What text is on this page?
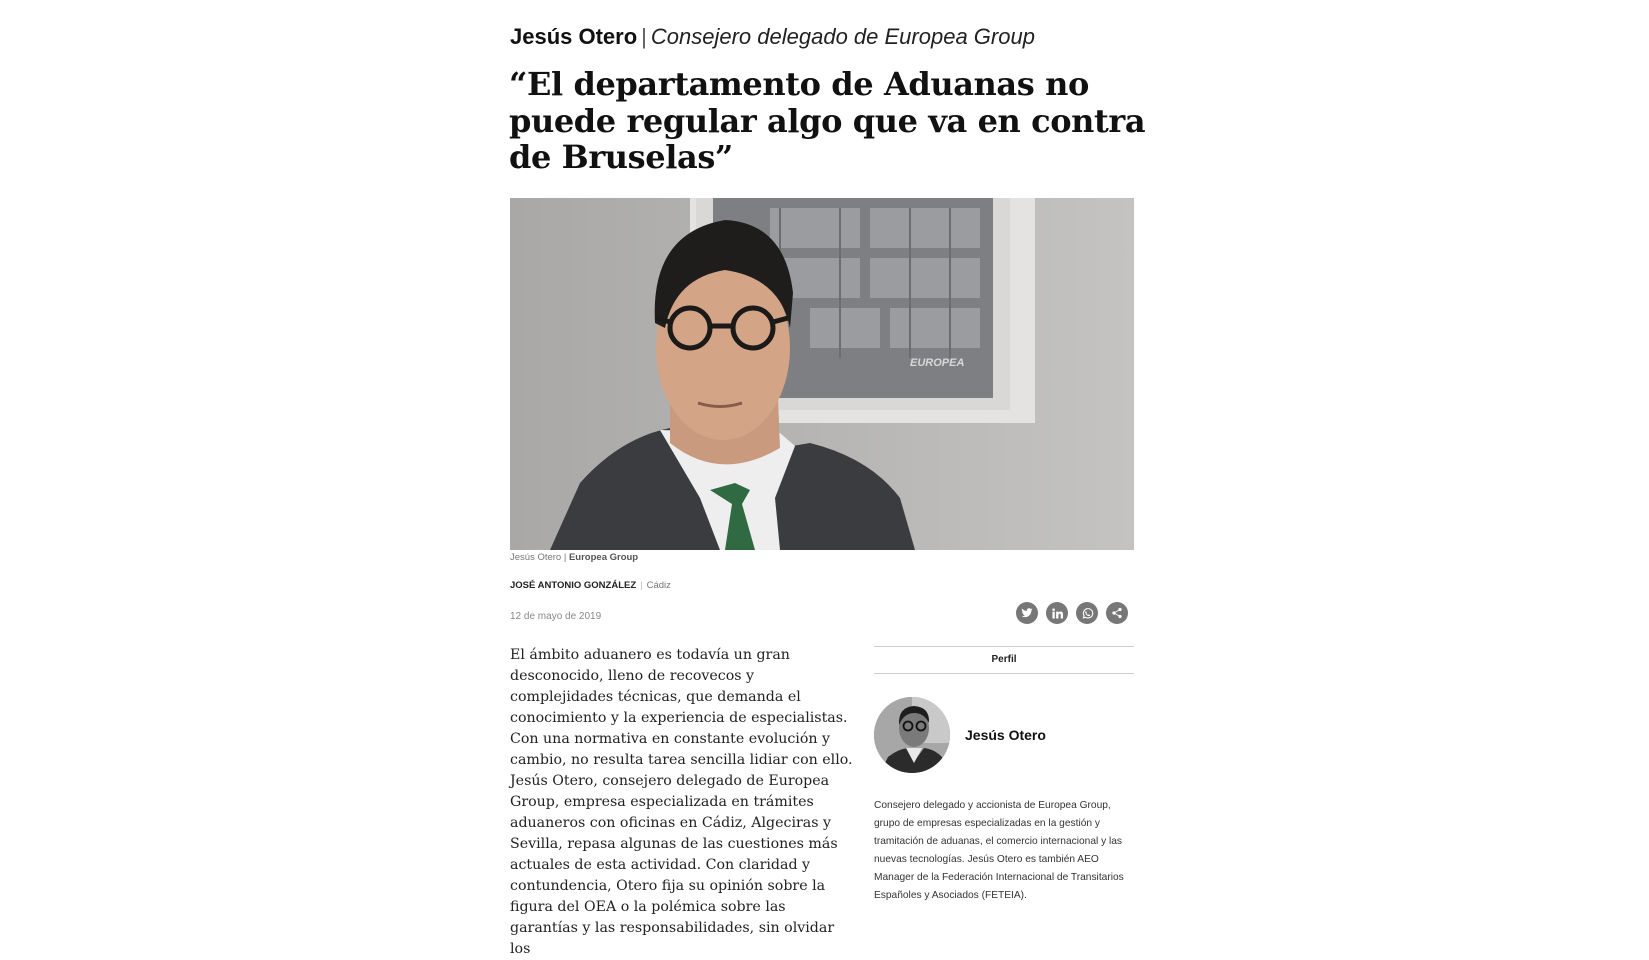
Jesús Otero | Consejero delegado de Europea Group
“El departamento de Aduanas no puede regular algo que va en contra de Bruselas”
EUROPEA
Jesús Otero | Europea Group
JOSÉ ANTONIO GONZÁLEZ | Cádiz
12 de mayo de 2019

El ámbito aduanero es todavía un gran desconocido, lleno de recovecos y complejidades técnicas, que demanda el conocimiento y la experiencia de especialistas. Con una normativa en constante evolución y cambio, no resulta tarea sencilla lidiar con ello. Jesús Otero, consejero delegado de Europea Group, empresa especializada en trámites aduaneros con oficinas en Cádiz, Algeciras y Sevilla, repasa algunas de las cuestiones más actuales de esta actividad. Con claridad y contundencia, Otero fija su opinión sobre la figura del OEA o la polémica sobre las garantías y las responsabilidades, sin olvidar los

Perfil
Jesús Otero
Consejero delegado y accionista de Europea Group, grupo de empresas especializadas en la gestión y tramitación de aduanas, el comercio internacional y las nuevas tecnologías. Jesús Otero es también AEO Manager de la Federación Internacional de Transitarios Españoles y Asociados (FETEIA).
